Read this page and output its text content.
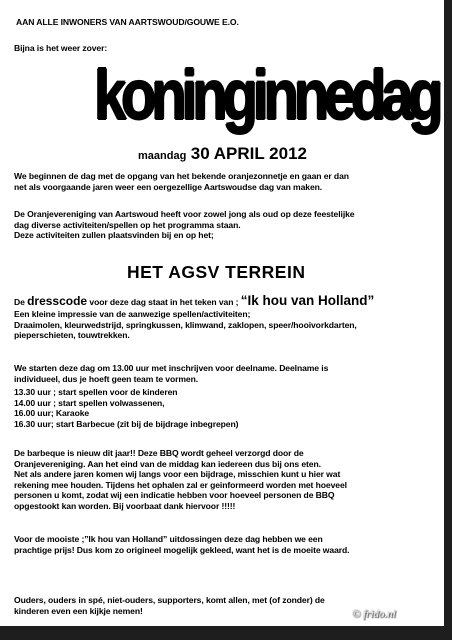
AAN ALLE INWONERS VAN AARTSWOUD/GOUWE E.O.

Bijna is het weer zover:

koninginnedag

maandag 30 APRIL 2012

We beginnen de dag met de opgang van het bekende oranjezonnetje en gaan er dan
net als voorgaande jaren weer een oergezellige Aartswoudse dag van maken.
De Oranjevereniging van Aartswoud heeft voor zowel jong als oud op deze feestelijke
dag diverse activiteiten/spellen op het programma staan.
Deze activiteiten zullen plaatsvinden bij en op het;
HET AGSV TERREIN

De dresscode voor deze dag staat in het teken van ; “Ik hou van Holland”

Een kleine impressie van de aanwezige spellen/activiteiten;
Draaimolen, kleurwedstrijd, springkussen, klimwand, zaklopen, speer/hooivorkdarten,
pieperschieten, touwtrekken.
We starten deze dag om 13.00 uur met inschrijven voor deelname. Deelname is
individueel, dus je hoeft geen team te vormen.
13.30 uur ; start spellen voor de kinderen
14.00 uur ; start spellen volwassenen,
16.00 uur; Karaoke
16.30 uur; start Barbecue (zit bij de bijdrage inbegrepen)
De barbeque is nieuw dit jaar!! Deze BBQ wordt geheel verzorgd door de
Oranjevereniging. Aan het eind van de middag kan iedereen dus bij ons eten.
Net als andere jaren komen wij langs voor een bijdrage, misschien kunt u hier wat
rekening mee houden. Tijdens het ophalen zal er geinformeerd worden met hoeveel
personen u komt, zodat wij een indicatie hebben voor hoeveel personen de BBQ
opgestookt kan worden. Bij voorbaat dank hiervoor !!!!!
Voor de mooiste ;”Ik hou van Holland” uitdossingen deze dag hebben we een
prachtige prijs! Dus kom zo origineel mogelijk gekleed, want het is de moeite waard.
Ouders, ouders in spé, niet-ouders, supporters, komt allen, met (of zonder) de
kinderen even een kijkje nemen!	© frido.nl
